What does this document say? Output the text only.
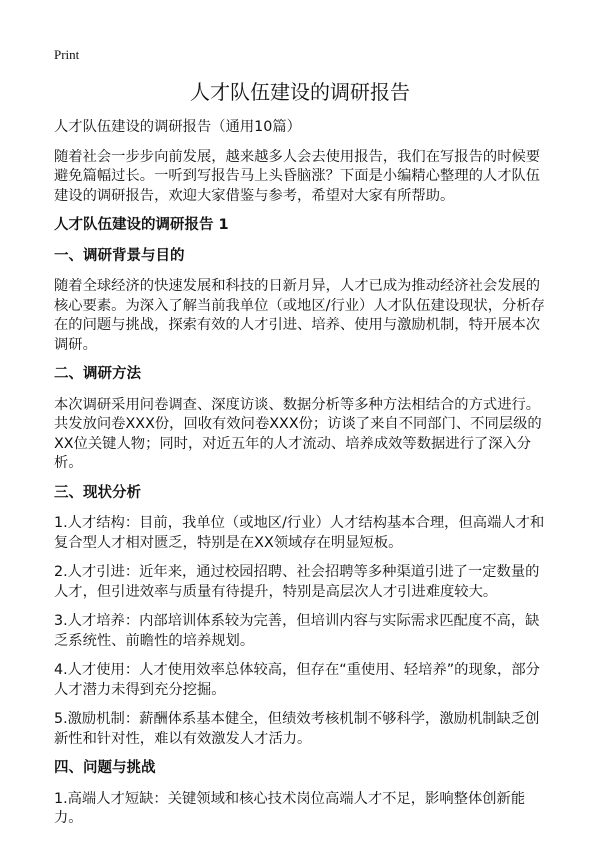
Print
人才队伍建设的调研报告
人才队伍建设的调研报告（通用10篇）
随着社会一步步向前发展，越来越多人会去使用报告，我们在写报告的时候要避免篇幅过长。一听到写报告马上头昏脑涨？下面是小编精心整理的人才队伍建设的调研报告，欢迎大家借鉴与参考，希望对大家有所帮助。
人才队伍建设的调研报告 1
一、调研背景与目的
随着全球经济的快速发展和科技的日新月异，人才已成为推动经济社会发展的核心要素。为深入了解当前我单位（或地区/行业）人才队伍建设现状，分析存在的问题与挑战，探索有效的人才引进、培养、使用与激励机制，特开展本次调研。
二、调研方法
本次调研采用问卷调查、深度访谈、数据分析等多种方法相结合的方式进行。共发放问卷XXX份，回收有效问卷XXX份；访谈了来自不同部门、不同层级的XX位关键人物；同时，对近五年的人才流动、培养成效等数据进行了深入分析。
三、现状分析
1.人才结构：目前，我单位（或地区/行业）人才结构基本合理，但高端人才和复合型人才相对匮乏，特别是在XX领域存在明显短板。
2.人才引进：近年来，通过校园招聘、社会招聘等多种渠道引进了一定数量的人才，但引进效率与质量有待提升，特别是高层次人才引进难度较大。
3.人才培养：内部培训体系较为完善，但培训内容与实际需求匹配度不高，缺乏系统性、前瞻性的培养规划。
4.人才使用：人才使用效率总体较高，但存在“重使用、轻培养”的现象，部分人才潜力未得到充分挖掘。
5.激励机制：薪酬体系基本健全，但绩效考核机制不够科学，激励机制缺乏创新性和针对性，难以有效激发人才活力。
四、问题与挑战
1.高端人才短缺：关键领域和核心技术岗位高端人才不足，影响整体创新能力。
